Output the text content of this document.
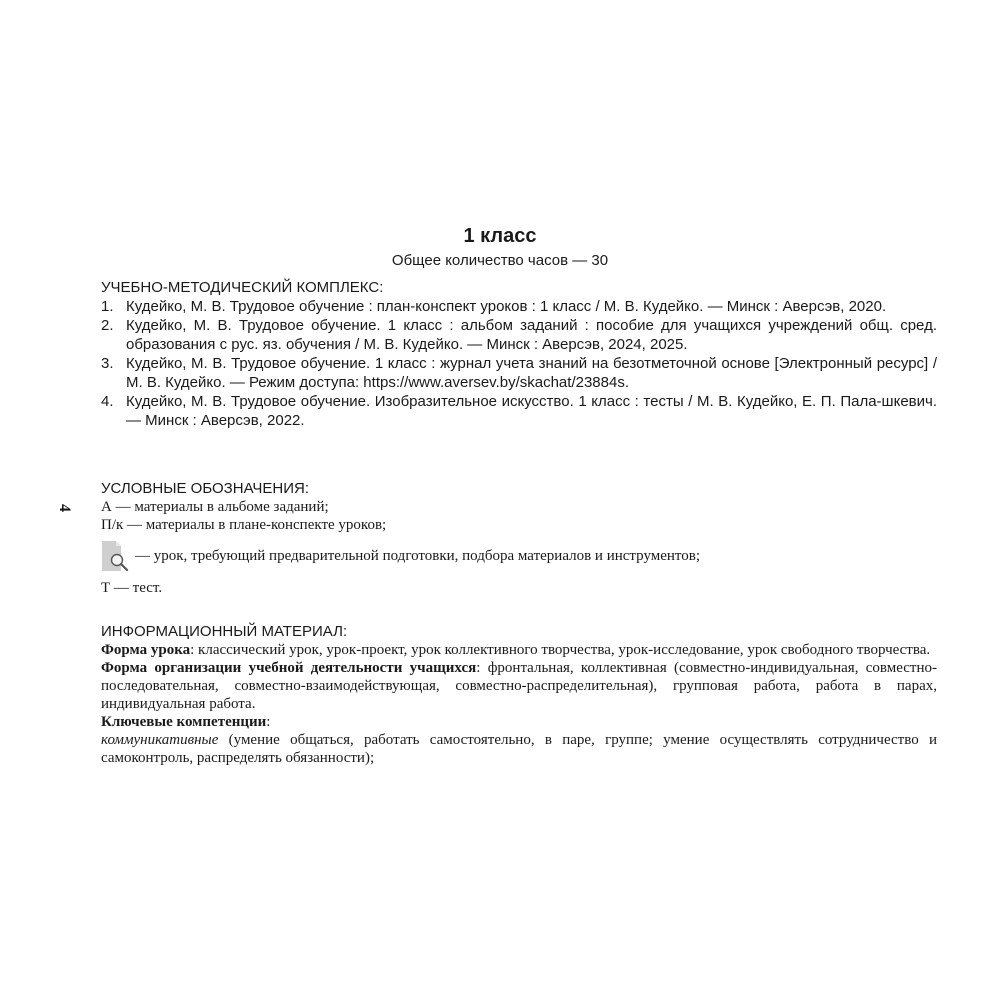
1 класс
Общее количество часов — 30
УЧЕБНО-МЕТОДИЧЕСКИЙ КОМПЛЕКС:
1. Кудейко, М. В. Трудовое обучение : план-конспект уроков : 1 класс / М. В. Кудейко. — Минск : Аверсэв, 2020.
2. Кудейко, М. В. Трудовое обучение. 1 класс : альбом заданий : пособие для учащихся учреждений общ. сред. образования с рус. яз. обучения / М. В. Кудейко. — Минск : Аверсэв, 2024, 2025.
3. Кудейко, М. В. Трудовое обучение. 1 класс : журнал учета знаний на безотметочной основе [Электронный ресурс] / М. В. Кудейко. — Режим доступа: https://www.aversev.by/skachat/23884s.
4. Кудейко, М. В. Трудовое обучение. Изобразительное искусство. 1 класс : тесты / М. В. Кудейко, Е. П. Пала-шкевич. — Минск : Аверсэв, 2022.
4
УСЛОВНЫЕ ОБОЗНАЧЕНИЯ:
А — материалы в альбоме заданий;
П/к — материалы в плане-конспекте уроков;
— урок, требующий предварительной подготовки, подбора материалов и инструментов;
Т — тест.
ИНФОРМАЦИОННЫЙ МАТЕРИАЛ:

Форма урока: классический урок, урок-проект, урок коллективного творчества, урок-исследование, урок свободного творчества.

Форма организации учебной деятельности учащихся: фронтальная, коллективная (совместно-индивидуальная, совместно-последовательная, совместно-взаимодействующая, совместно-распределительная), групповая работа, работа в парах, индивидуальная работа.

Ключевые компетенции:

коммуникативные (умение общаться, работать самостоятельно, в паре, группе; умение осуществлять сотрудничество и самоконтроль, распределять обязанности);
